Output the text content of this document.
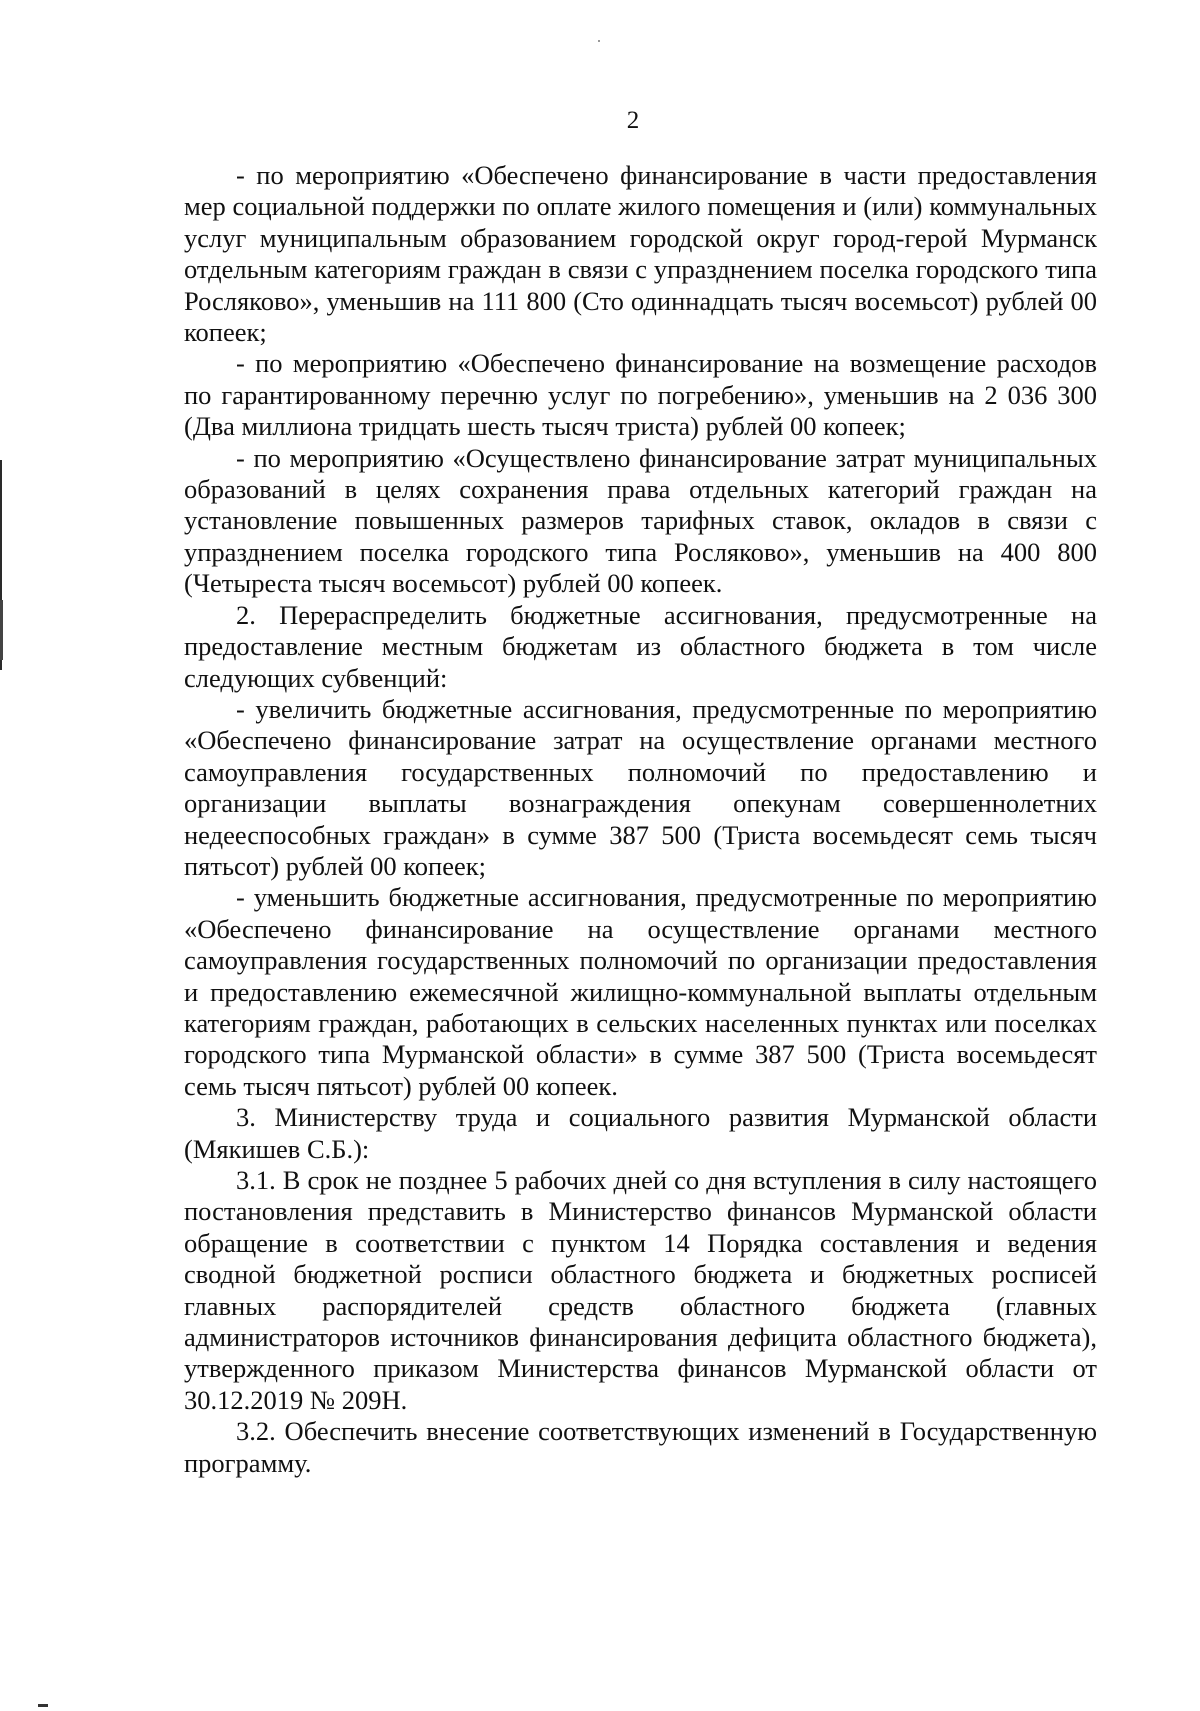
2

- по мероприятию «Обеспечено финансирование в части предоставления мер социальной поддержки по оплате жилого помещения и (или) коммунальных услуг муниципальным образованием городской округ город-герой Мурманск отдельным категориям граждан в связи с упразднением поселка городского типа Росляково», уменьшив на 111 800 (Сто одиннадцать тысяч восемьсот) рублей 00 копеек;

- по мероприятию «Обеспечено финансирование на возмещение расходов по гарантированному перечню услуг по погребению», уменьшив на 2 036 300 (Два миллиона тридцать шесть тысяч триста) рублей 00 копеек;

- по мероприятию «Осуществлено финансирование затрат муниципальных образований в целях сохранения права отдельных категорий граждан на установление повышенных размеров тарифных ставок, окладов в связи с упразднением поселка городского типа Росляково», уменьшив на 400 800 (Четыреста тысяч восемьсот) рублей 00 копеек.

2. Перераспределить бюджетные ассигнования, предусмотренные на предоставление местным бюджетам из областного бюджета в том числе следующих субвенций:

- увеличить бюджетные ассигнования, предусмотренные по мероприятию «Обеспечено финансирование затрат на осуществление органами местного самоуправления государственных полномочий по предоставлению и организации выплаты вознаграждения опекунам совершеннолетних недееспособных граждан» в сумме 387 500 (Триста восемьдесят семь тысяч пятьсот) рублей 00 копеек;

- уменьшить бюджетные ассигнования, предусмотренные по мероприятию «Обеспечено финансирование на осуществление органами местного самоуправления государственных полномочий по организации предоставления и предоставлению ежемесячной жилищно-коммунальной выплаты отдельным категориям граждан, работающих в сельских населенных пунктах или поселках городского типа Мурманской области» в сумме 387 500 (Триста восемьдесят семь тысяч пятьсот) рублей 00 копеек.

3. Министерству труда и социального развития Мурманской области (Мякишев С.Б.):

3.1. В срок не позднее 5 рабочих дней со дня вступления в силу настоящего постановления представить в Министерство финансов Мурманской области обращение в соответствии с пунктом 14 Порядка составления и ведения сводной бюджетной росписи областного бюджета и бюджетных росписей главных распорядителей средств областного бюджета (главных администраторов источников финансирования дефицита областного бюджета), утвержденного приказом Министерства финансов Мурманской области от 30.12.2019 № 209Н.

3.2. Обеспечить внесение соответствующих изменений в Государственную программу.
